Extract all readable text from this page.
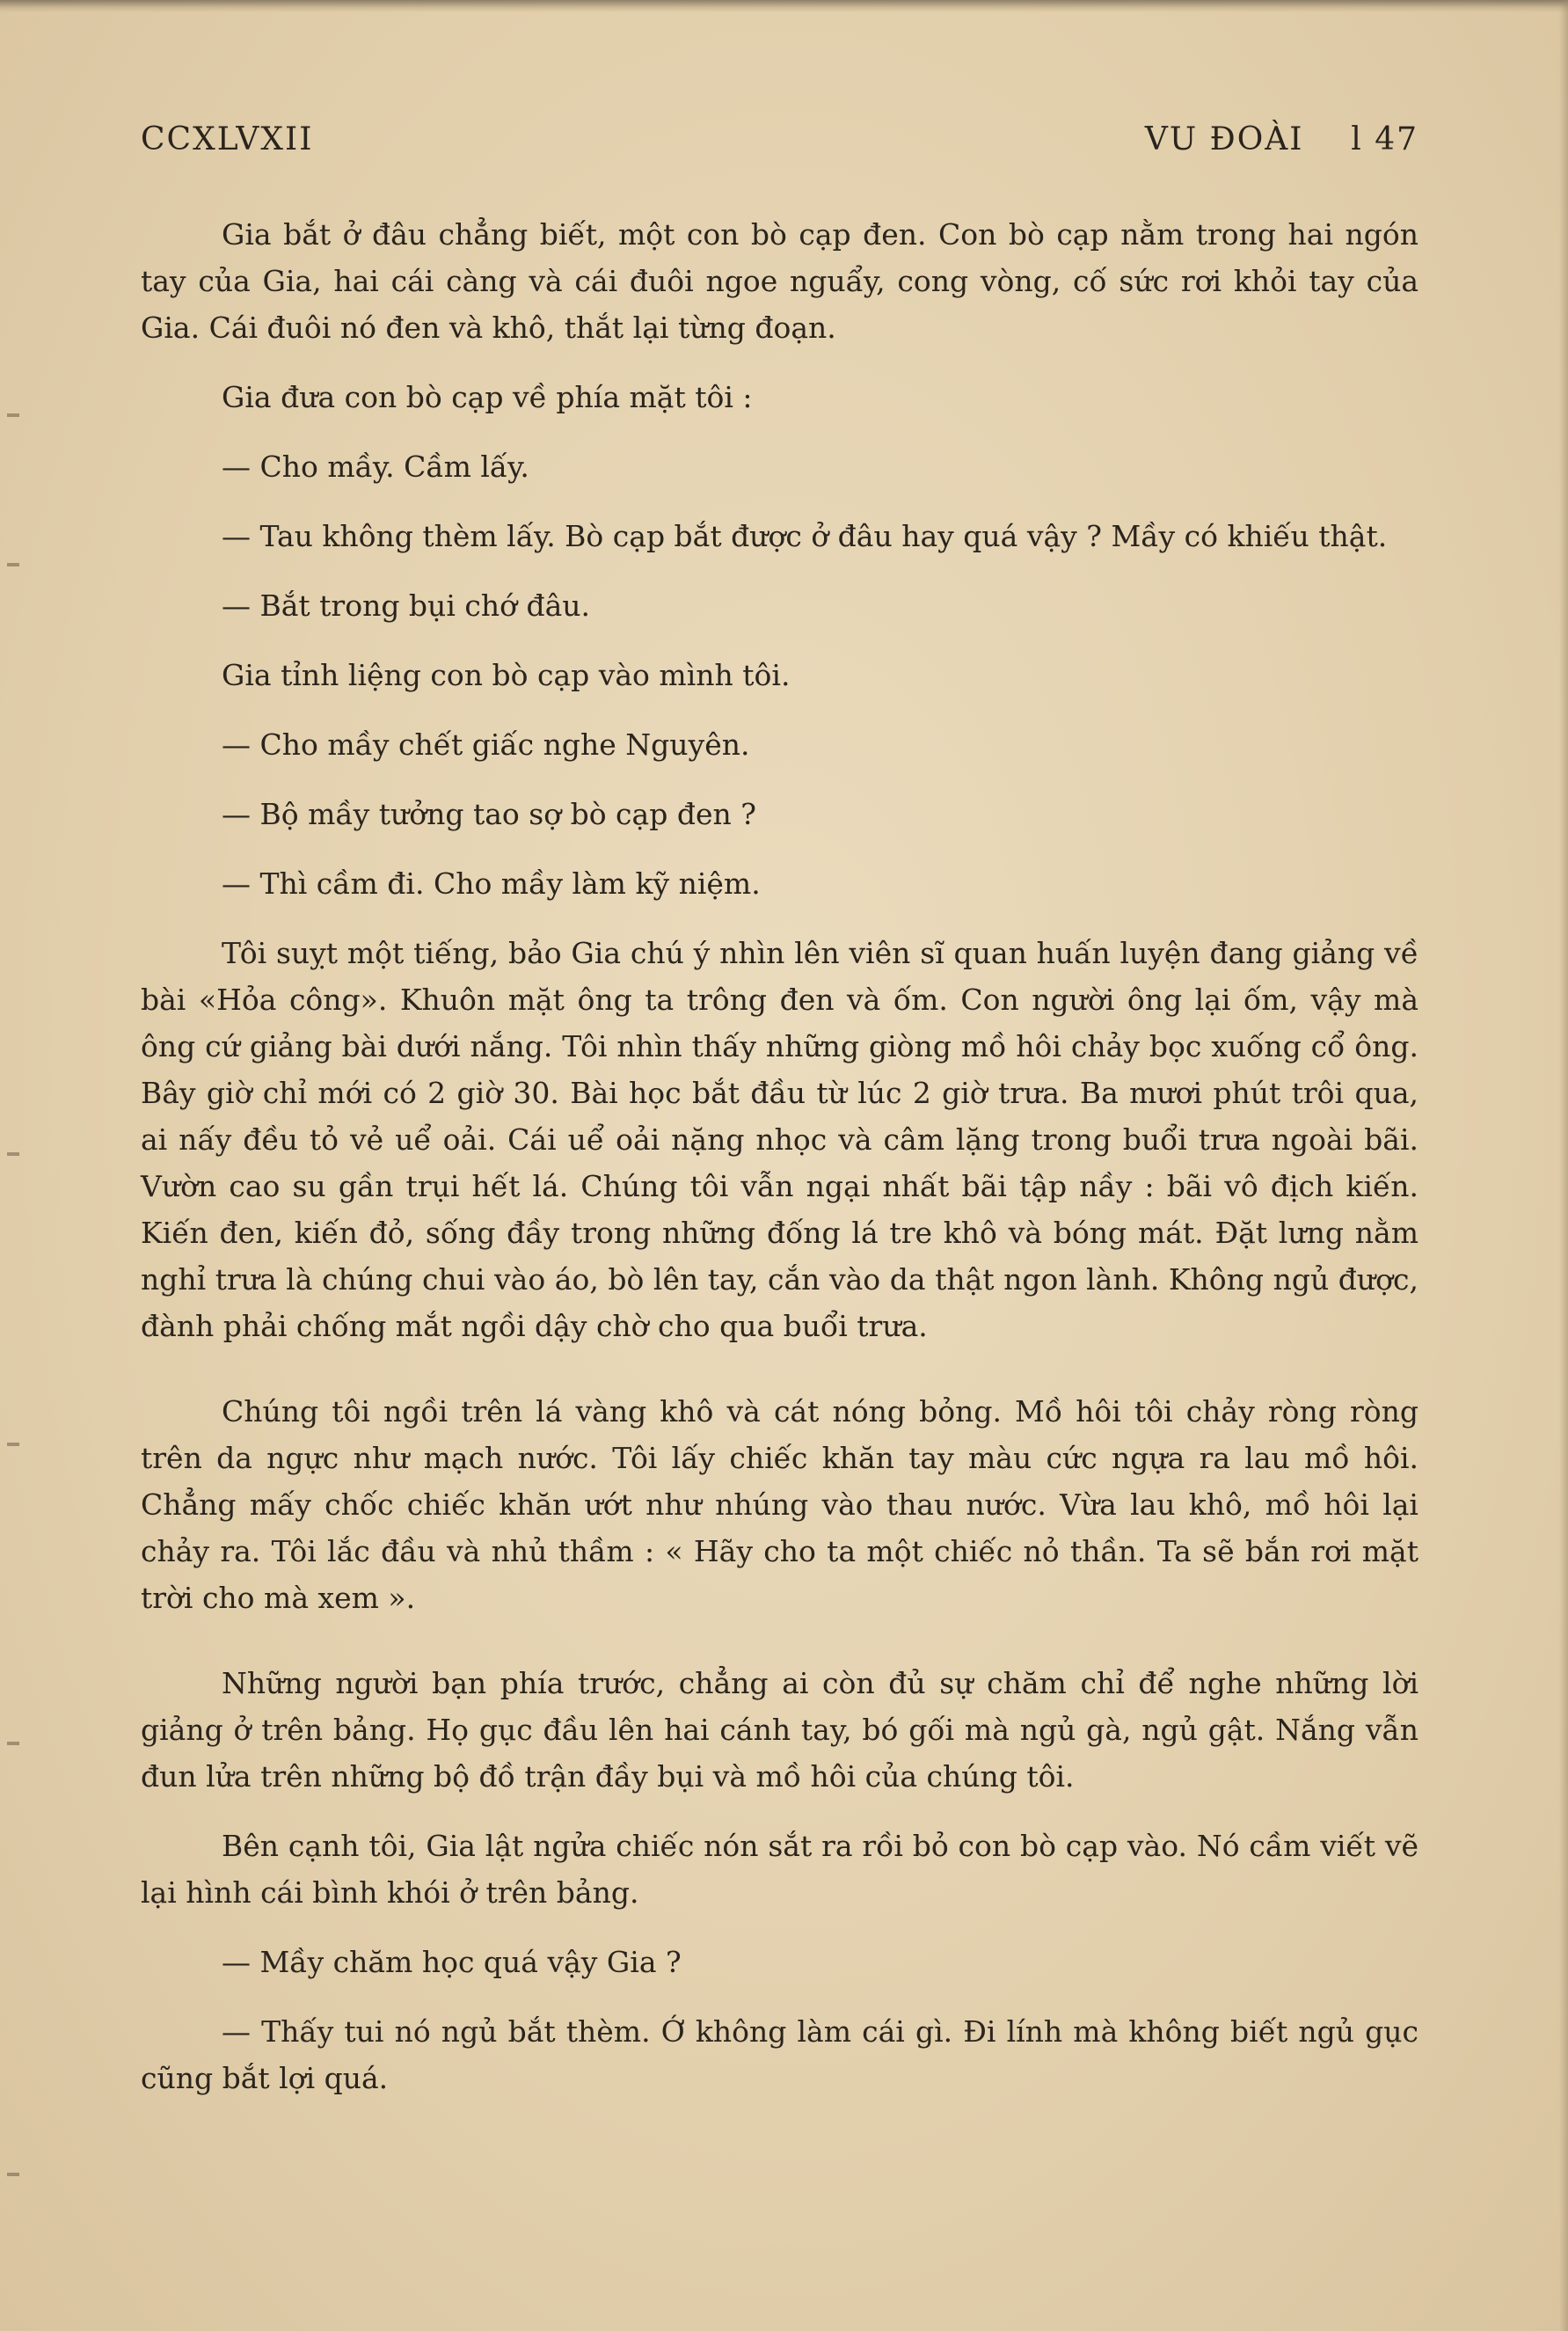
CCXLVXII	VU ĐOÀI l 47

Gia bắt ở đâu chẳng biết, một con bò cạp đen. Con bò cạp nằm trong hai ngón tay của Gia, hai cái càng và cái đuôi ngoe nguẩy, cong vòng, cố sức rơi khỏi tay của Gia. Cái đuôi nó đen và khô, thắt lại từng đoạn.

Gia đưa con bò cạp về phía mặt tôi :

— Cho mầy. Cầm lấy.

— Tau không thèm lấy. Bò cạp bắt được ở đâu hay quá vậy ? Mầy có khiếu thật.

— Bắt trong bụi chớ đâu.

Gia tỉnh liệng con bò cạp vào mình tôi.

— Cho mầy chết giấc nghe Nguyên.

— Bộ mầy tưởng tao sợ bò cạp đen ?

— Thì cầm đi. Cho mầy làm kỹ niệm.

Tôi suỵt một tiếng, bảo Gia chú ý nhìn lên viên sĩ quan huấn luyện đang giảng về bài «Hỏa công». Khuôn mặt ông ta trông đen và ốm. Con người ông lại ốm, vậy mà ông cứ giảng bài dưới nắng. Tôi nhìn thấy những giòng mồ hôi chảy bọc xuống cổ ông. Bây giờ chỉ mới có 2 giờ 30. Bài học bắt đầu từ lúc 2 giờ trưa. Ba mươi phút trôi qua, ai nấy đều tỏ vẻ uể oải. Cái uể oải nặng nhọc và câm lặng trong buổi trưa ngoài bãi. Vườn cao su gần trụi hết lá. Chúng tôi vẫn ngại nhất bãi tập nầy : bãi vô địch kiến. Kiến đen, kiến đỏ, sống đầy trong những đống lá tre khô và bóng mát. Đặt lưng nằm nghỉ trưa là chúng chui vào áo, bò lên tay, cắn vào da thật ngon lành. Không ngủ được, đành phải chống mắt ngồi dậy chờ cho qua buổi trưa.

Chúng tôi ngồi trên lá vàng khô và cát nóng bỏng. Mồ hôi tôi chảy ròng ròng trên da ngực như mạch nước. Tôi lấy chiếc khăn tay màu cức ngựa ra lau mồ hôi. Chẳng mấy chốc chiếc khăn ướt như nhúng vào thau nước. Vừa lau khô, mồ hôi lại chảy ra. Tôi lắc đầu và nhủ thầm : « Hãy cho ta một chiếc nỏ thần. Ta sẽ bắn rơi mặt trời cho mà xem ».

Những người bạn phía trước, chẳng ai còn đủ sự chăm chỉ để nghe những lời giảng ở trên bảng. Họ gục đầu lên hai cánh tay, bó gối mà ngủ gà, ngủ gật. Nắng vẫn đun lửa trên những bộ đồ trận đầy bụi và mồ hôi của chúng tôi.

Bên cạnh tôi, Gia lật ngửa chiếc nón sắt ra rồi bỏ con bò cạp vào. Nó cầm viết vẽ lại hình cái bình khói ở trên bảng.

— Mầy chăm học quá vậy Gia ?

— Thấy tui nó ngủ bắt thèm. Ớ không làm cái gì. Đi lính mà không biết ngủ gục cũng bắt lợi quá.
